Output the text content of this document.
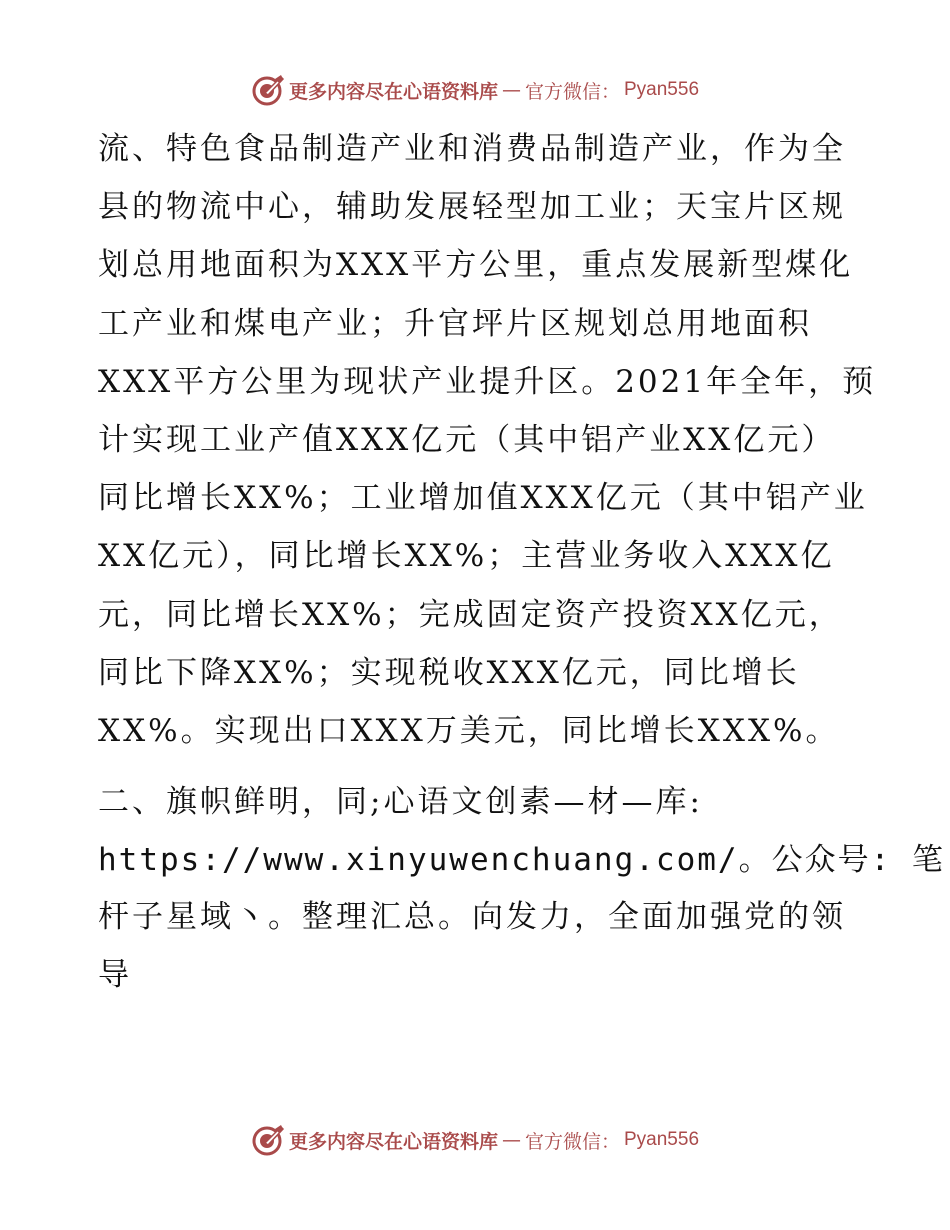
更多内容尽在心语资料库 — 官方微信： Pyan556
流、特色食品制造产业和消费品制造产业，作为全
县的物流中心，辅助发展轻型加工业；天宝片区规
划总用地面积为XXX平方公里，重点发展新型煤化
工产业和煤电产业；升官坪片区规划总用地面积
XXX平方公里为现状产业提升区。2021年全年，预
计实现工业产值XXX亿元（其中铝产业XX亿元）
同比增长XX%；工业增加值XXX亿元（其中铝产业
XX亿元），同比增长XX%；主营业务收入XXX亿
元，同比增长XX%；完成固定资产投资XX亿元，
同比下降XX%；实现税收XXX亿元，同比增长
XX%。实现出口XXX万美元，同比增长XXX%。
二、旗帜鲜明，同;心语文创素—材—库:
https://www.xinyuwenchuang.com/。公众号: 笔
杆子星域丶。整理汇总。向发力，全面加强党的领
导
更多内容尽在心语资料库 — 官方微信： Pyan556
